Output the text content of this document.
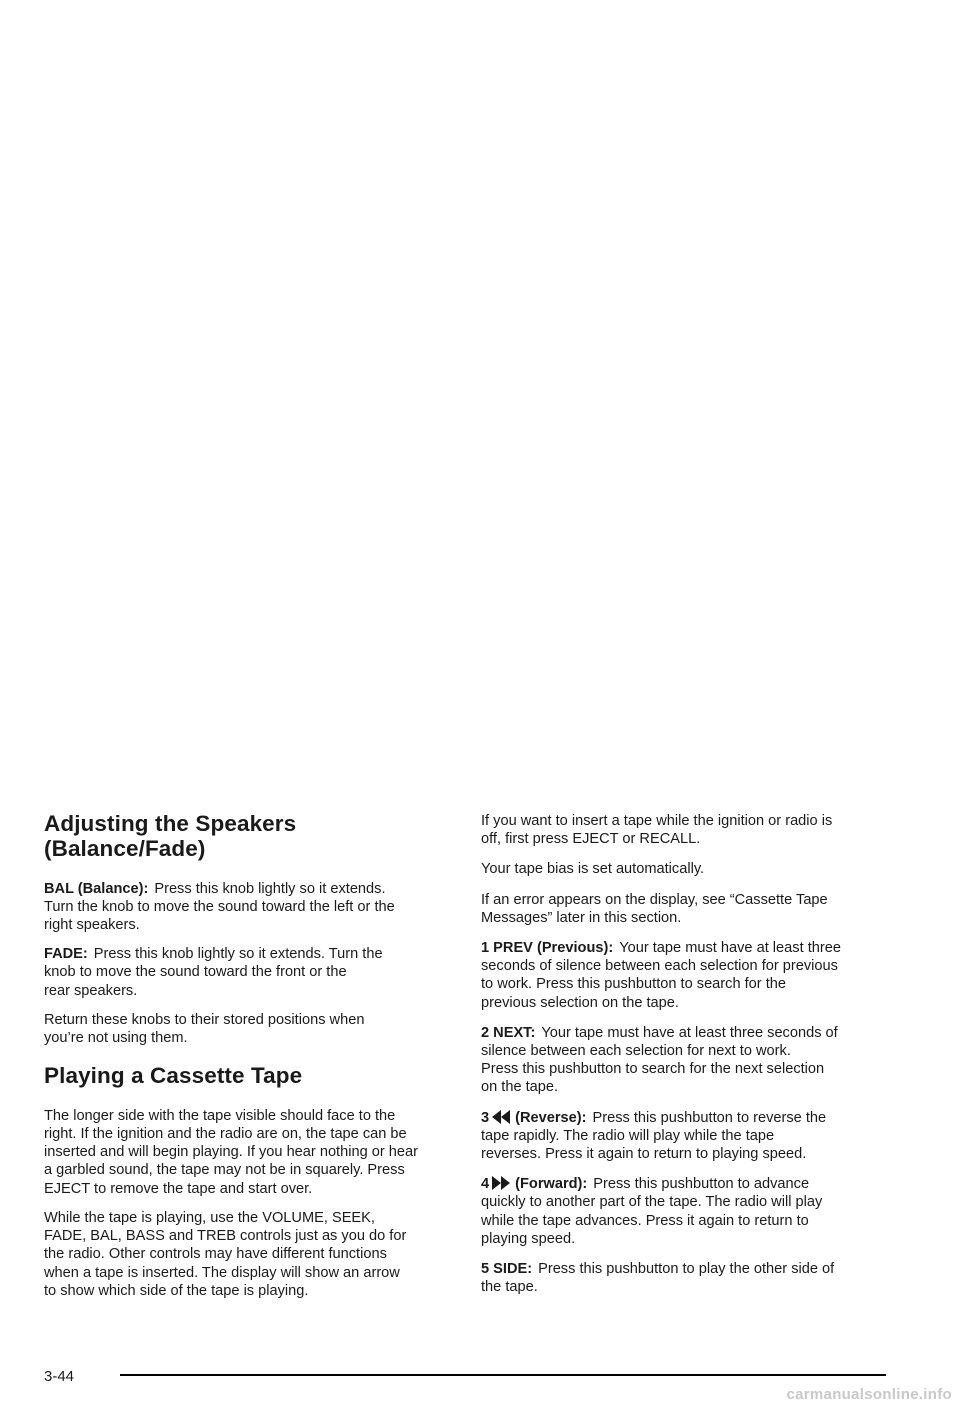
Adjusting the Speakers (Balance/Fade)

BAL (Balance): Press this knob lightly so it extends.
Turn the knob to move the sound toward the left or the
right speakers.

FADE: Press this knob lightly so it extends. Turn the
knob to move the sound toward the front or the
rear speakers.

Return these knobs to their stored positions when
you’re not using them.

Playing a Cassette Tape

The longer side with the tape visible should face to the
right. If the ignition and the radio are on, the tape can be
inserted and will begin playing. If you hear nothing or hear
a garbled sound, the tape may not be in squarely. Press
EJECT to remove the tape and start over.

While the tape is playing, use the VOLUME, SEEK,
FADE, BAL, BASS and TREB controls just as you do for
the radio. Other controls may have different functions
when a tape is inserted. The display will show an arrow
to show which side of the tape is playing.

If you want to insert a tape while the ignition or radio is
off, first press EJECT or RECALL.

Your tape bias is set automatically.

If an error appears on the display, see “Cassette Tape
Messages” later in this section.

1 PREV (Previous): Your tape must have at least three
seconds of silence between each selection for previous
to work. Press this pushbutton to search for the
previous selection on the tape.

2 NEXT: Your tape must have at least three seconds of
silence between each selection for next to work.
Press this pushbutton to search for the next selection
on the tape.

3 (Reverse): Press this pushbutton to reverse the
tape rapidly. The radio will play while the tape
reverses. Press it again to return to playing speed.

4 (Forward): Press this pushbutton to advance
quickly to another part of the tape. The radio will play
while the tape advances. Press it again to return to
playing speed.

5 SIDE: Press this pushbutton to play the other side of
the tape.

3-44
carmanualsonline.info
